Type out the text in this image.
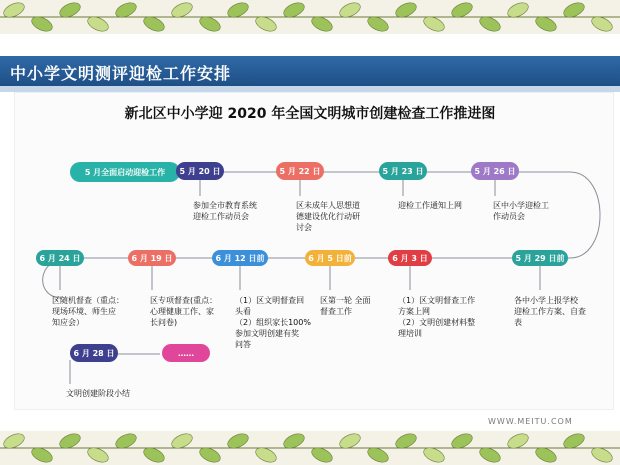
中小学文明测评迎检工作安排
新北区中小学迎 2020 年全国文明城市创建检查工作推进图
5 月全面启动迎检工作 5 月 20 日	5 月 22 日	5 月 23 日	5 月 26 日
5 月 29 日前
6 月 3 日
6 月 5 日前
6 月 12 日前
6 月 19 日
6 月 24 日
6 月 28 日	……
参加全市教育系统
迎检工作动员会
区未成年人思想道
德建设优化行动研
讨会
迎检工作通知上网	区中小学迎检工
作动员会
各中小学上报学校
迎检工作方案、自查
表
（1）区文明督查工作
方案上网
（2）文明创建材料整
理培训
区第一轮 全面
督查工作
（1）区文明督查回
头看
（2）组织家长100%
参加文明创建有奖
问答
区专项督查(重点：
心理健康工作、家
长问卷)
区随机督查（重点：
现场环境、师生应
知应会）
文明创建阶段小结
WWW.MEITU.COM
